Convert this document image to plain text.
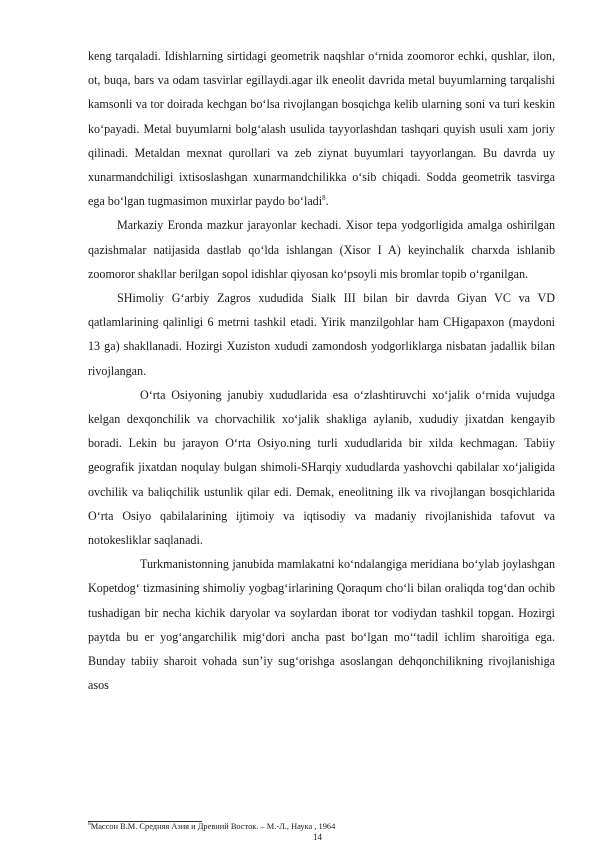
keng tarqaladi. Idishlarning sirtidagi geometrik naqshlar o‘rnida zoomoror echki, qushlar, ilon, ot, buqa, bars va odam tasvirlar egillaydi.agar ilk eneolit davrida metal buyumlarning tarqalishi kamsonli va tor doirada kechgan bo‘lsa rivojlangan bosqichga kelib ularning soni va turi keskin ko‘payadi. Metal buyumlarni bolg‘alash usulida tayyorlashdan tashqari quyish usuli xam joriy qilinadi. Metaldan mexnat qurollari va zeb ziynat buyumlari tayyorlangan. Bu davrda uy xunarmandchiligi ixtisoslashgan xunarmandchilikka o‘sib chiqadi. Sodda geometrik tasvirga ega bo‘lgan tugmasimon muxirlar paydo bo‘ladi$^8$.

Markaziy Eronda mazkur jarayonlar kechadi. Xisor tepa yodgorligida amalga oshirilgan qazishmalar natijasida dastlab qo‘lda ishlangan (Xisor I A) keyinchalik charxda ishlanib zoomoror shakllar berilgan sopol idishlar qiyosan ko‘psoyli mis bromlar topib o‘rganilgan.

SHimoliy G‘arbiy Zagros xududida Sialk III bilan bir davrda Giyan VC va VD qatlamlarining qalinligi 6 metrni tashkil etadi. Yirik manzilgohlar ham CHigapaxon (maydoni 13 ga) shakllanadi. Hozirgi Xuziston xududi zamondosh yodgorliklarga nisbatan jadallik bilan rivojlangan.

O‘rta Osiyoning janubiy xududlarida esa o‘zlashtiruvchi xo‘jalik o‘rnida vujudga kelgan dexqonchilik va chorvachilik xo‘jalik shakliga aylanib, xududiy jixatdan kengayib boradi. Lekin bu jarayon O‘rta Osiyo.ning turli xududlarida bir xilda kechmagan. Tabiiy geografik jixatdan noqulay bulgan shimoli-SHarqiy xududlarda yashovchi qabilalar xo‘jaligida ovchilik va baliqchilik ustunlik qilar edi. Demak, eneolitning ilk va rivojlangan bosqichlarida O‘rta Osiyo qabilalarining ijtimoiy va iqtisodiy va madaniy rivojlanishida tafovut va notokesliklar saqlanadi.

Turkmanistonning janubida mamlakatni ko‘ndalangiga meridiana bo‘ylab joylashgan Kopetdog‘ tizmasining shimoliy yogbag‘irlarining Qoraqum cho‘li bilan oraliqda tog‘dan ochib tushadigan bir necha kichik daryolar va soylardan iborat tor vodiydan tashkil topgan. Hozirgi paytda bu er yog‘angarchilik mig‘dori ancha past bo‘lgan mo‘‘tadil ichlim sharoitiga ega. Bunday tabiiy sharoit vohada sun’iy sug‘orishga asoslangan dehqonchilikning rivojlanishiga asos

$^8$Массон В.М. Средняя Азия и Древний Восток. – М.-Л., Наука , 1964
14
